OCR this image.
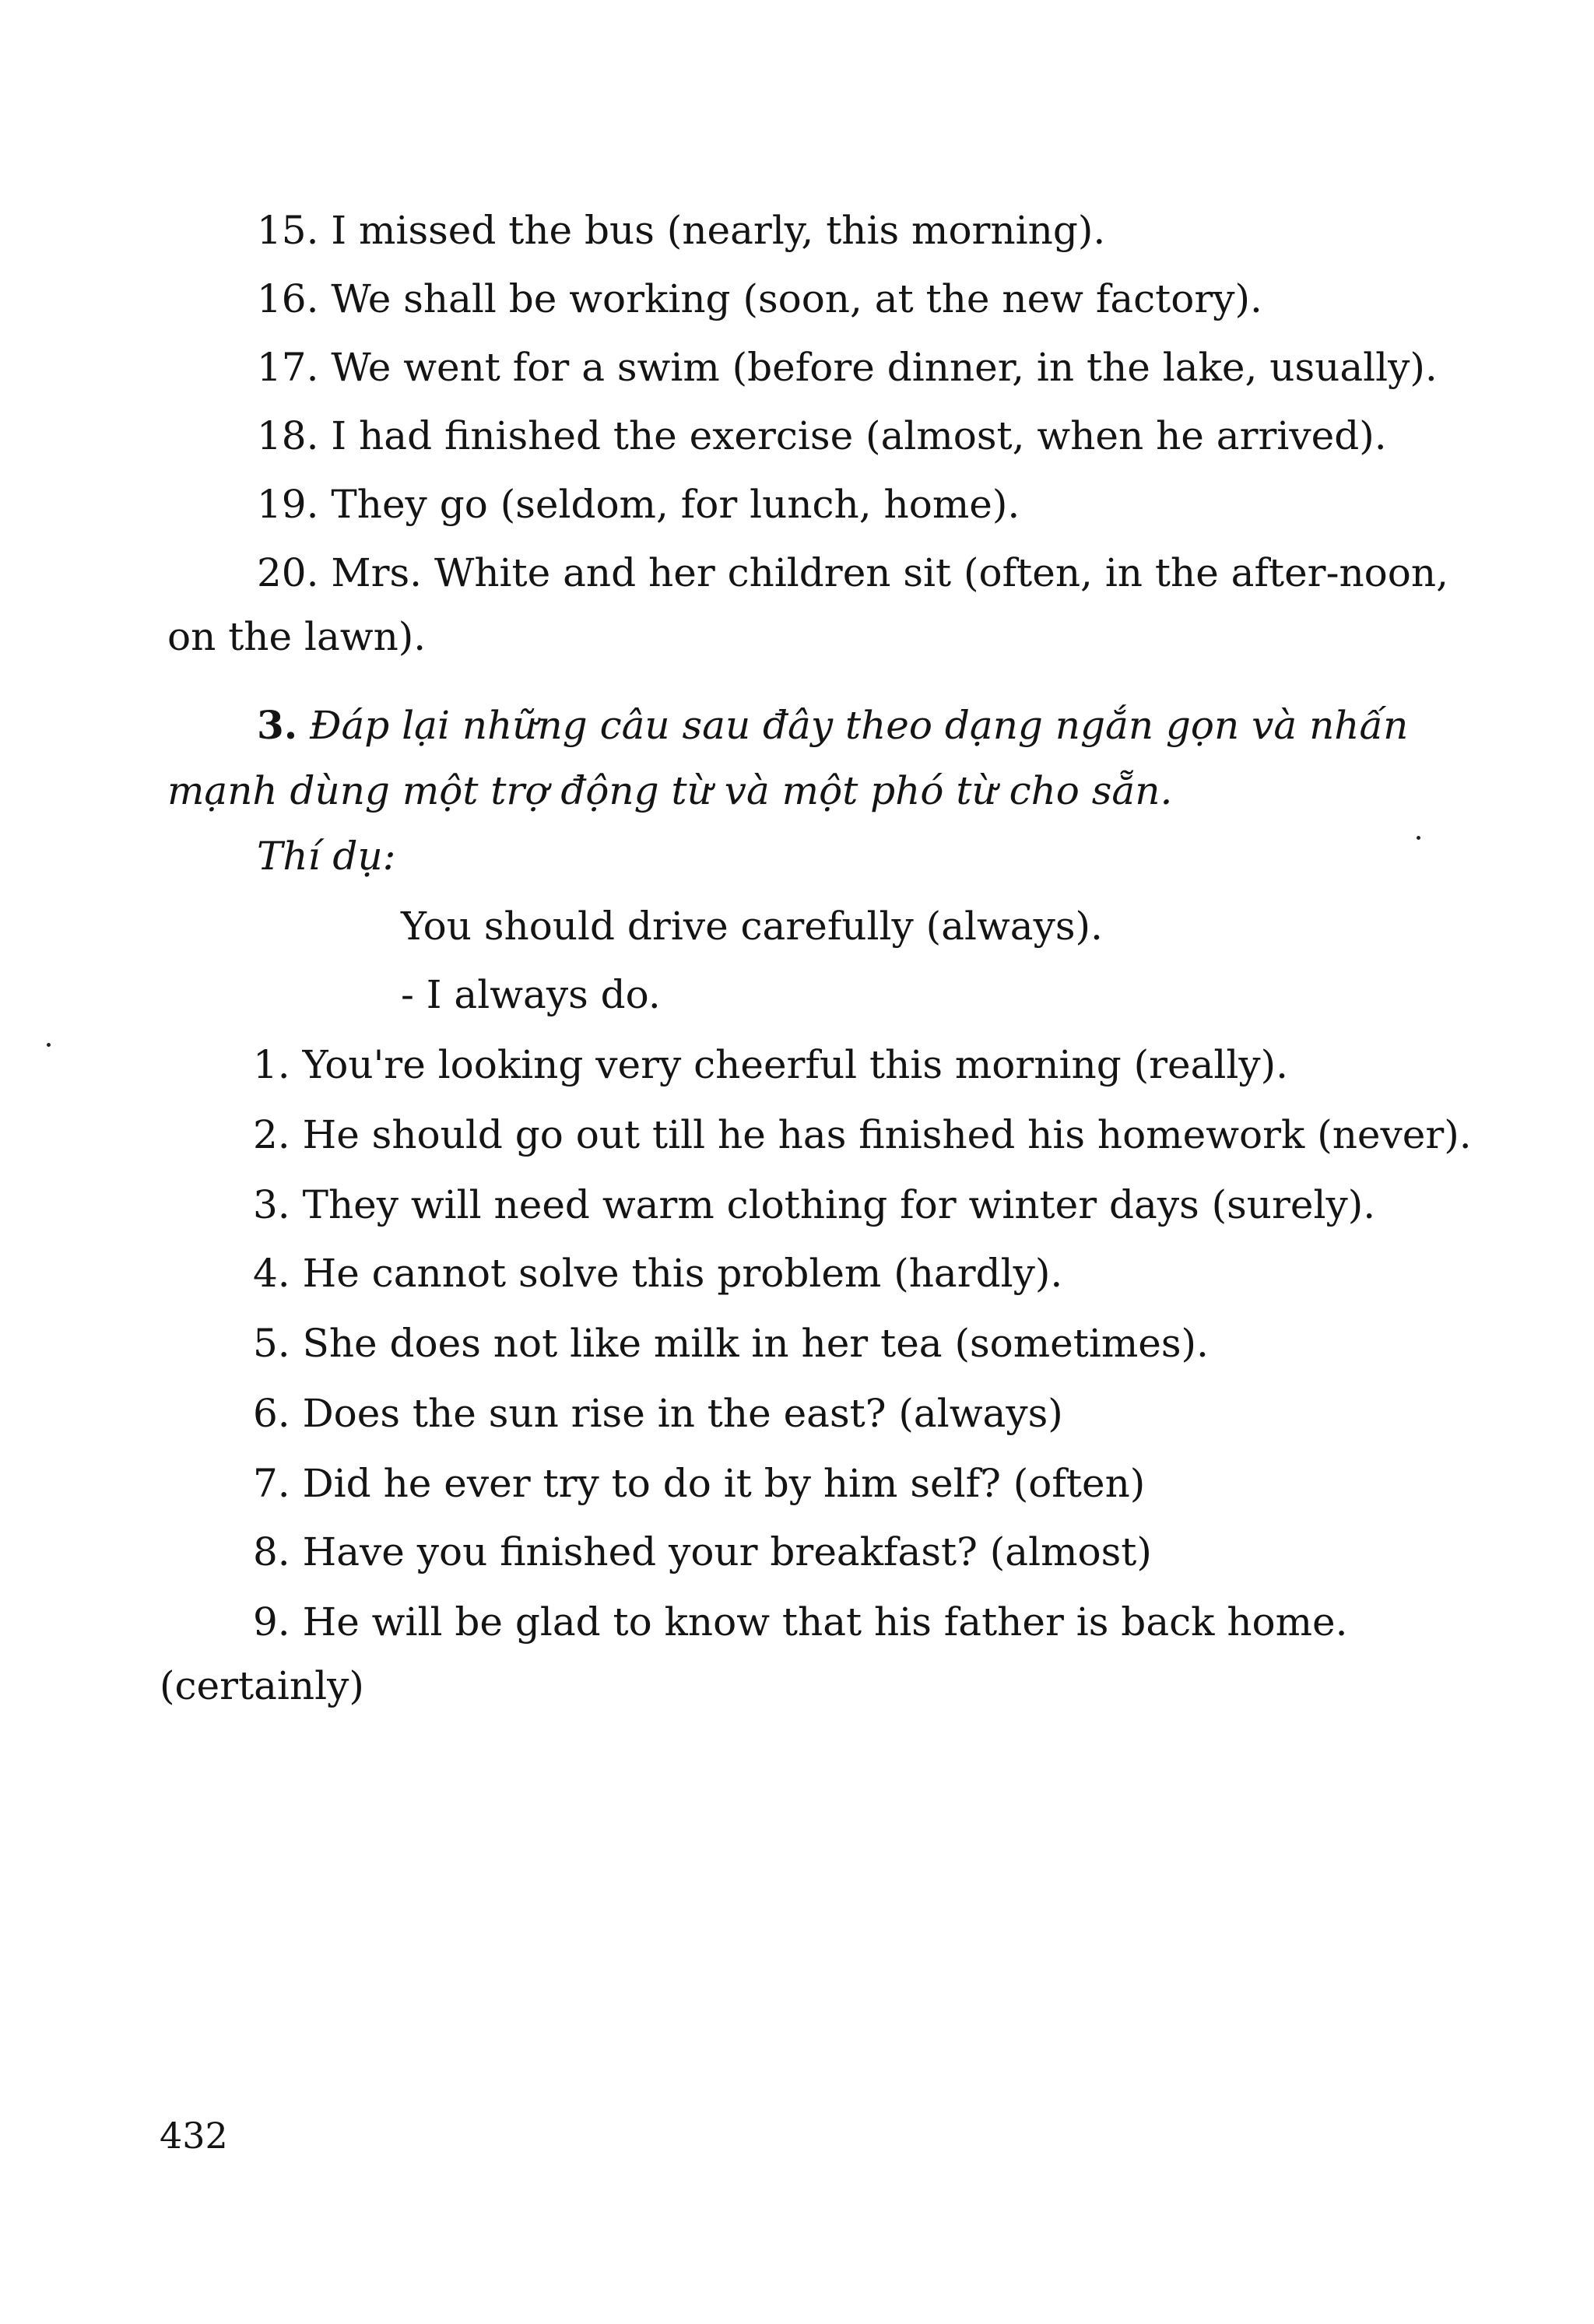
15. I missed the bus (nearly, this morning).

16. We shall be working (soon, at the new factory).

17. We went for a swim (before dinner, in the lake, usually).

18. I had finished the exercise (almost, when he arrived).

19. They go (seldom, for lunch, home).

20. Mrs. White and her children sit (often, in the after-noon,

on the lawn).

3. Đáp lại những câu sau đây theo dạng ngắn gọn và nhấn

mạnh dùng một trợ động từ và một phó từ cho sẵn.

Thí dụ:

You should drive carefully (always).

- I always do.

1. You're looking very cheerful this morning (really).

2. He should go out till he has finished his homework (never).

3. They will need warm clothing for winter days (surely).

4. He cannot solve this problem (hardly).

5. She does not like milk in her tea (sometimes).

6. Does the sun rise in the east? (always)

7. Did he ever try to do it by him self? (often)

8. Have you finished your breakfast? (almost)

9. He will be glad to know that his father is back home.

(certainly)

432
